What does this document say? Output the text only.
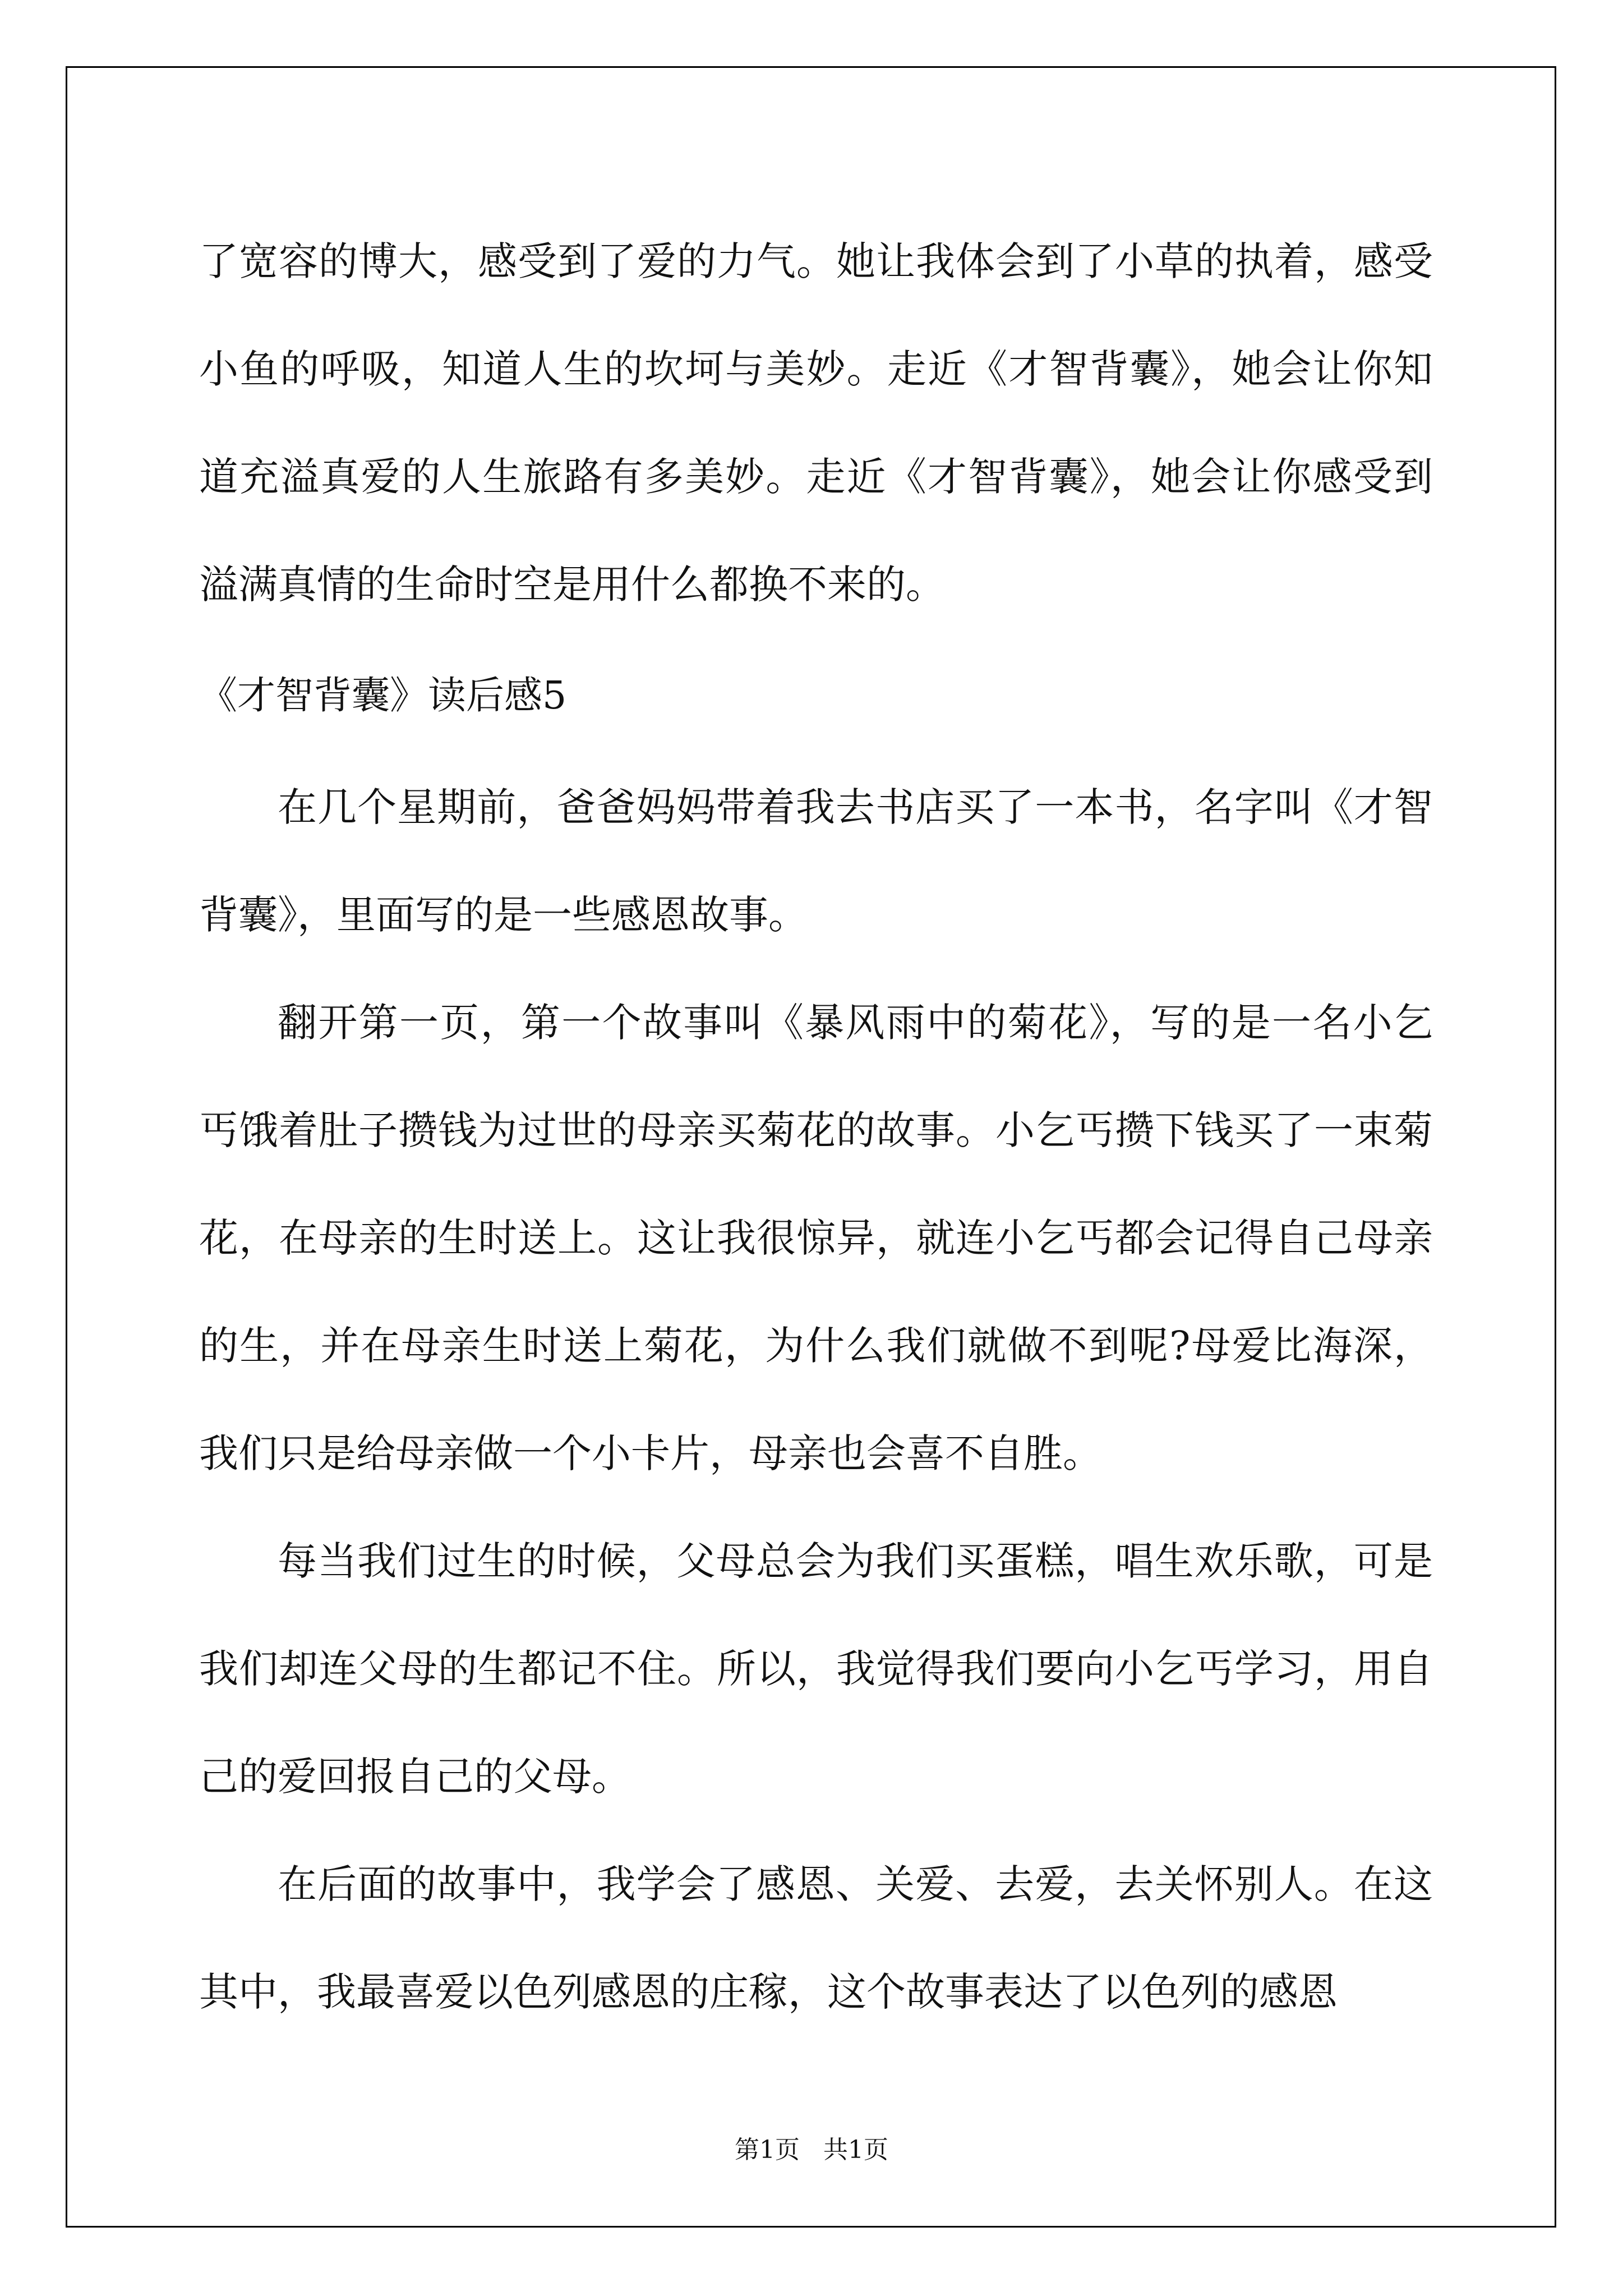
了宽容的博大，感受到了爱的力气。她让我体会到了小草的执着，感受小鱼的呼吸，知道人生的坎坷与美妙。走近《才智背囊》，她会让你知道充溢真爱的人生旅路有多美妙。走近《才智背囊》，她会让你感受到溢满真情的生命时空是用什么都换不来的。

《才智背囊》读后感5

在几个星期前，爸爸妈妈带着我去书店买了一本书，名字叫《才智背囊》，里面写的是一些感恩故事。

翻开第一页，第一个故事叫《暴风雨中的菊花》，写的是一名小乞丐饿着肚子攒钱为过世的母亲买菊花的故事。小乞丐攒下钱买了一束菊花，在母亲的生时送上。这让我很惊异，就连小乞丐都会记得自己母亲的生，并在母亲生时送上菊花，为什么我们就做不到呢?母爱比海深，我们只是给母亲做一个小卡片，母亲也会喜不自胜。

每当我们过生的时候，父母总会为我们买蛋糕，唱生欢乐歌，可是我们却连父母的生都记不住。所以，我觉得我们要向小乞丐学习，用自己的爱回报自己的父母。

在后面的故事中，我学会了感恩、关爱、去爱，去关怀别人。在这其中，我最喜爱以色列感恩的庄稼，这个故事表达了以色列的感恩

第1页   共1页
